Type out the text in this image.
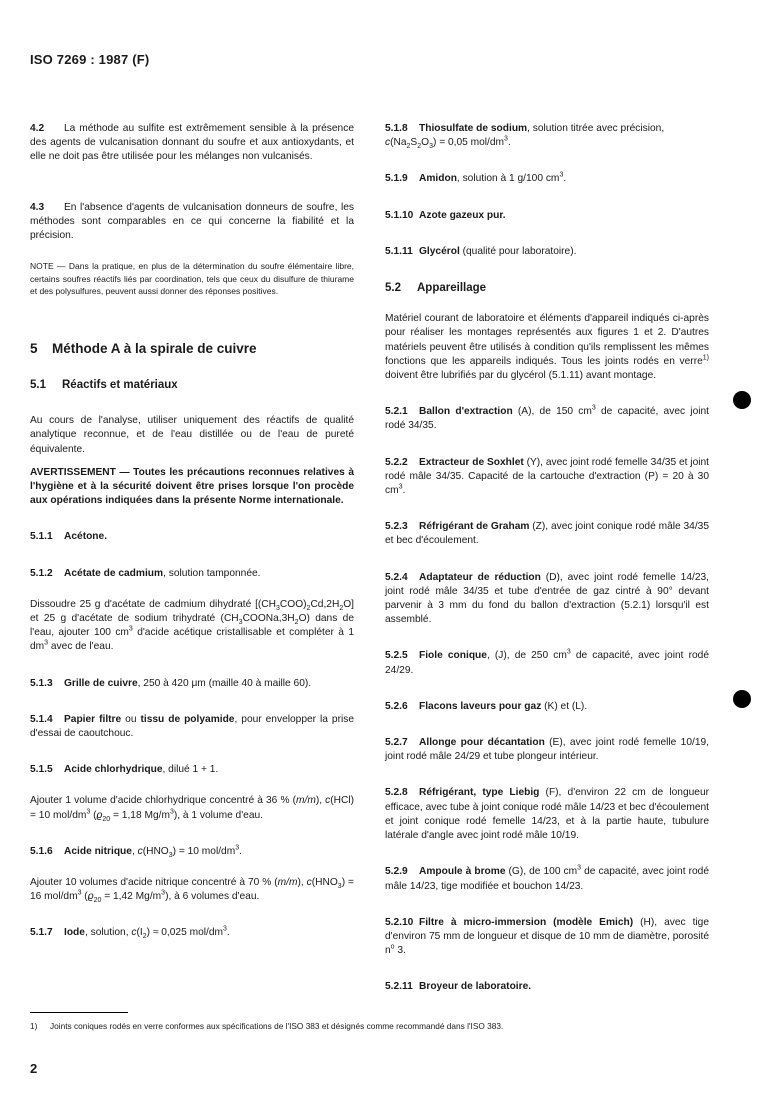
ISO 7269 : 1987 (F)

4.2 La méthode au sulfite est extrêmement sensible à la présence des agents de vulcanisation donnant du soufre et aux antioxydants, et elle ne doit pas être utilisée pour les mélanges non vulcanisés.

4.3 En l'absence d'agents de vulcanisation donneurs de soufre, les méthodes sont comparables en ce qui concerne la fiabilité et la précision.

NOTE — Dans la pratique, en plus de la détermination du soufre élémentaire libre, certains soufres réactifs liés par coordination, tels que ceux du disulfure de thiurame et des polysulfures, peuvent aussi donner des réponses positives.

5 Méthode A à la spirale de cuivre
5.1 Réactifs et matériaux

Au cours de l'analyse, utiliser uniquement des réactifs de qualité analytique reconnue, et de l'eau distillée ou de l'eau de pureté équivalente.

AVERTISSEMENT — Toutes les précautions reconnues relatives à l'hygiène et à la sécurité doivent être prises lorsque l'on procède aux opérations indiquées dans la présente Norme internationale.

5.1.1 Acétone.

5.1.2 Acétate de cadmium, solution tamponnée.

Dissoudre 25 g d'acétate de cadmium dihydraté $[(CH_3COO)_2Cd,2H_2O]$ et 25 g d'acétate de sodium trihydraté $(CH_3COONa,3H_2O)$ dans de l'eau, ajouter 100 $cm^3$ d'acide acétique cristallisable et compléter à 1 $dm^3$ avec de l'eau.

5.1.3 Grille de cuivre, 250 à 420 μm (maille 40 à maille 60).

5.1.4 Papier filtre ou tissu de polyamide, pour envelopper la prise d'essai de caoutchouc.

5.1.5 Acide chlorhydrique, dilué 1 + 1.

Ajouter 1 volume d'acide chlorhydrique concentré à 36 % (m/m), c(HCl) = 10 mol/$dm^3$ ($ϱ_{20} = 1,18$ $Mg/m^3$), à 1 volume d'eau.

5.1.6 Acide nitrique, $c(HNO_3) = 10$ mol/$dm^3$.

Ajouter 10 volumes d'acide nitrique concentré à 70 % (m/m), $c(HNO_3) = 16$ mol/$dm^3$ ($ϱ_{20} = 1,42$ $Mg/m^3$), à 6 volumes d'eau.

5.1.7 Iode, solution, $c(I_2) \approx 0,025$ mol/$dm^3$.

5.1.8 Thiosulfate de sodium, solution titrée avec précision,
$c(Na_2S_2O_3) = 0,05$ mol/$dm^3$.

5.1.9 Amidon, solution à 1 g/100 $cm^3$.

5.1.10 Azote gazeux pur.

5.1.11 Glycérol (qualité pour laboratoire).

5.2 Appareillage

Matériel courant de laboratoire et éléments d'appareil indiqués ci-après pour réaliser les montages représentés aux figures 1 et 2. D'autres matériels peuvent être utilisés à condition qu'ils remplissent les mêmes fonctions que les appareils indiqués. Tous les joints rodés en verre$^{1)}$ doivent être lubrifiés par du glycérol (5.1.11) avant montage.

5.2.1 Ballon d'extraction (A), de 150 $cm^3$ de capacité, avec joint rodé 34/35.

5.2.2 Extracteur de Soxhlet (Y), avec joint rodé femelle 34/35 et joint rodé mâle 34/35. Capacité de la cartouche d'extraction (P) = 20 à 30 $cm^3$.

5.2.3 Réfrigérant de Graham (Z), avec joint conique rodé mâle 34/35 et bec d'écoulement.

5.2.4 Adaptateur de réduction (D), avec joint rodé femelle 14/23, joint rodé mâle 34/35 et tube d'entrée de gaz cintré à 90° devant parvenir à 3 mm du fond du ballon d'extraction (5.2.1) lorsqu'il est assemblé.

5.2.5 Fiole conique, (J), de 250 $cm^3$ de capacité, avec joint rodé 24/29.

5.2.6 Flacons laveurs pour gaz (K) et (L).

5.2.7 Allonge pour décantation (E), avec joint rodé femelle 10/19, joint rodé mâle 24/29 et tube plongeur intérieur.

5.2.8 Réfrigérant, type Liebig (F), d'environ 22 cm de longueur efficace, avec tube à joint conique rodé mâle 14/23 et bec d'écoulement et joint conique rodé femelle 14/23, et à la partie haute, tubulure latérale d'angle avec joint rodé mâle 10/19.

5.2.9 Ampoule à brome (G), de 100 $cm^3$ de capacité, avec joint rodé mâle 14/23, tige modifiée et bouchon 14/23.

5.2.10 Filtre à micro-immersion (modèle Emich) (H), avec tige d'environ 75 mm de longueur et disque de 10 mm de diamètre, porosité $n^o$ 3.

5.2.11 Broyeur de laboratoire.

1) Joints coniques rodés en verre conformes aux spécifications de l'ISO 383 et désignés comme recommandé dans l'ISO 383.
2
